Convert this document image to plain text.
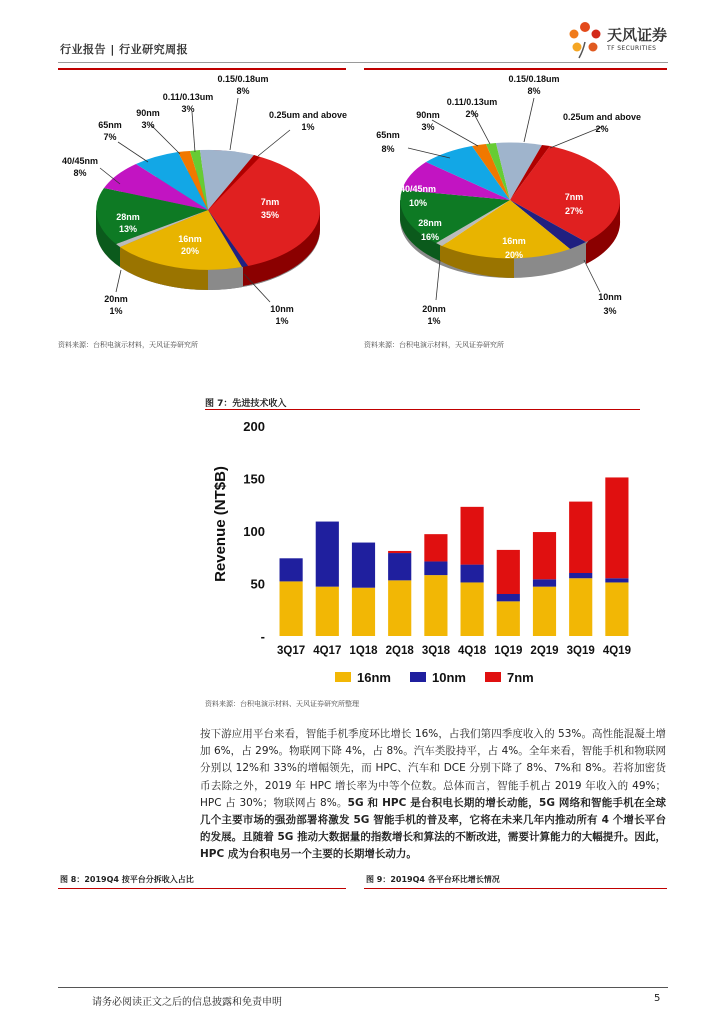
行业报告 | 行业研究周报
天风证券
TF SECURITIES
0.15/0.18um
8%
0.11/0.13um
3%
90nm
3%
65nm
7%
40/45nm
8%
28nm
13%
20nm
1%
16nm
20%
10nm
1%
7nm
35%
0.25um and above
1%
资料来源：台积电演示材料，天风证券研究所
0.15/0.18um
8%
0.11/0.13um
2%
90nm
3%
65nm
8%
40/45nm
10%
28nm
16%
20nm
1%
16nm
20%
10nm
3%
7nm
27%
0.25um and above
2%
资料来源：台积电演示材料，天风证券研究所
图 7：先进技术收入
200
150
100
50
-
3Q17 4Q17 1Q18 2Q18 3Q18 4Q18 1Q19 2Q19 3Q19 4Q19
Revenue (NT$B)
16nm	10nm	7nm
资料来源：台积电演示材料、天风证券研究所整理
按下游应用平台来看，智能手机季度环比增长 16%，占我们第四季度收入的 53%。高性能混凝土增加 6%，占 29%。物联网下降 4%，占 8%。汽车类股持平，占 4%。全年来看，智能手机和物联网分别以 12%和 33%的增幅领先，而 HPC、汽车和 DCE 分别下降了 8%、7%和 8%。若将加密货币去除之外，2019 年 HPC 增长率为中等个位数。总体而言，智能手机占 2019 年收入的 49%；HPC 占 30%；物联网占 8%。5G 和 HPC 是台积电长期的增长动能，5G 网络和智能手机在全球几个主要市场的强劲部署将激发 5G 智能手机的普及率，它将在未来几年内推动所有 4 个增长平台的发展。且随着 5G 推动大数据量的指数增长和算法的不断改进，需要计算能力的大幅提升。因此，HPC 成为台积电另一个主要的长期增长动力。
图 8：2019Q4 按平台分拆收入占比	图 9：2019Q4 各平台环比增长情况
请务必阅读正文之后的信息披露和免责申明	5
